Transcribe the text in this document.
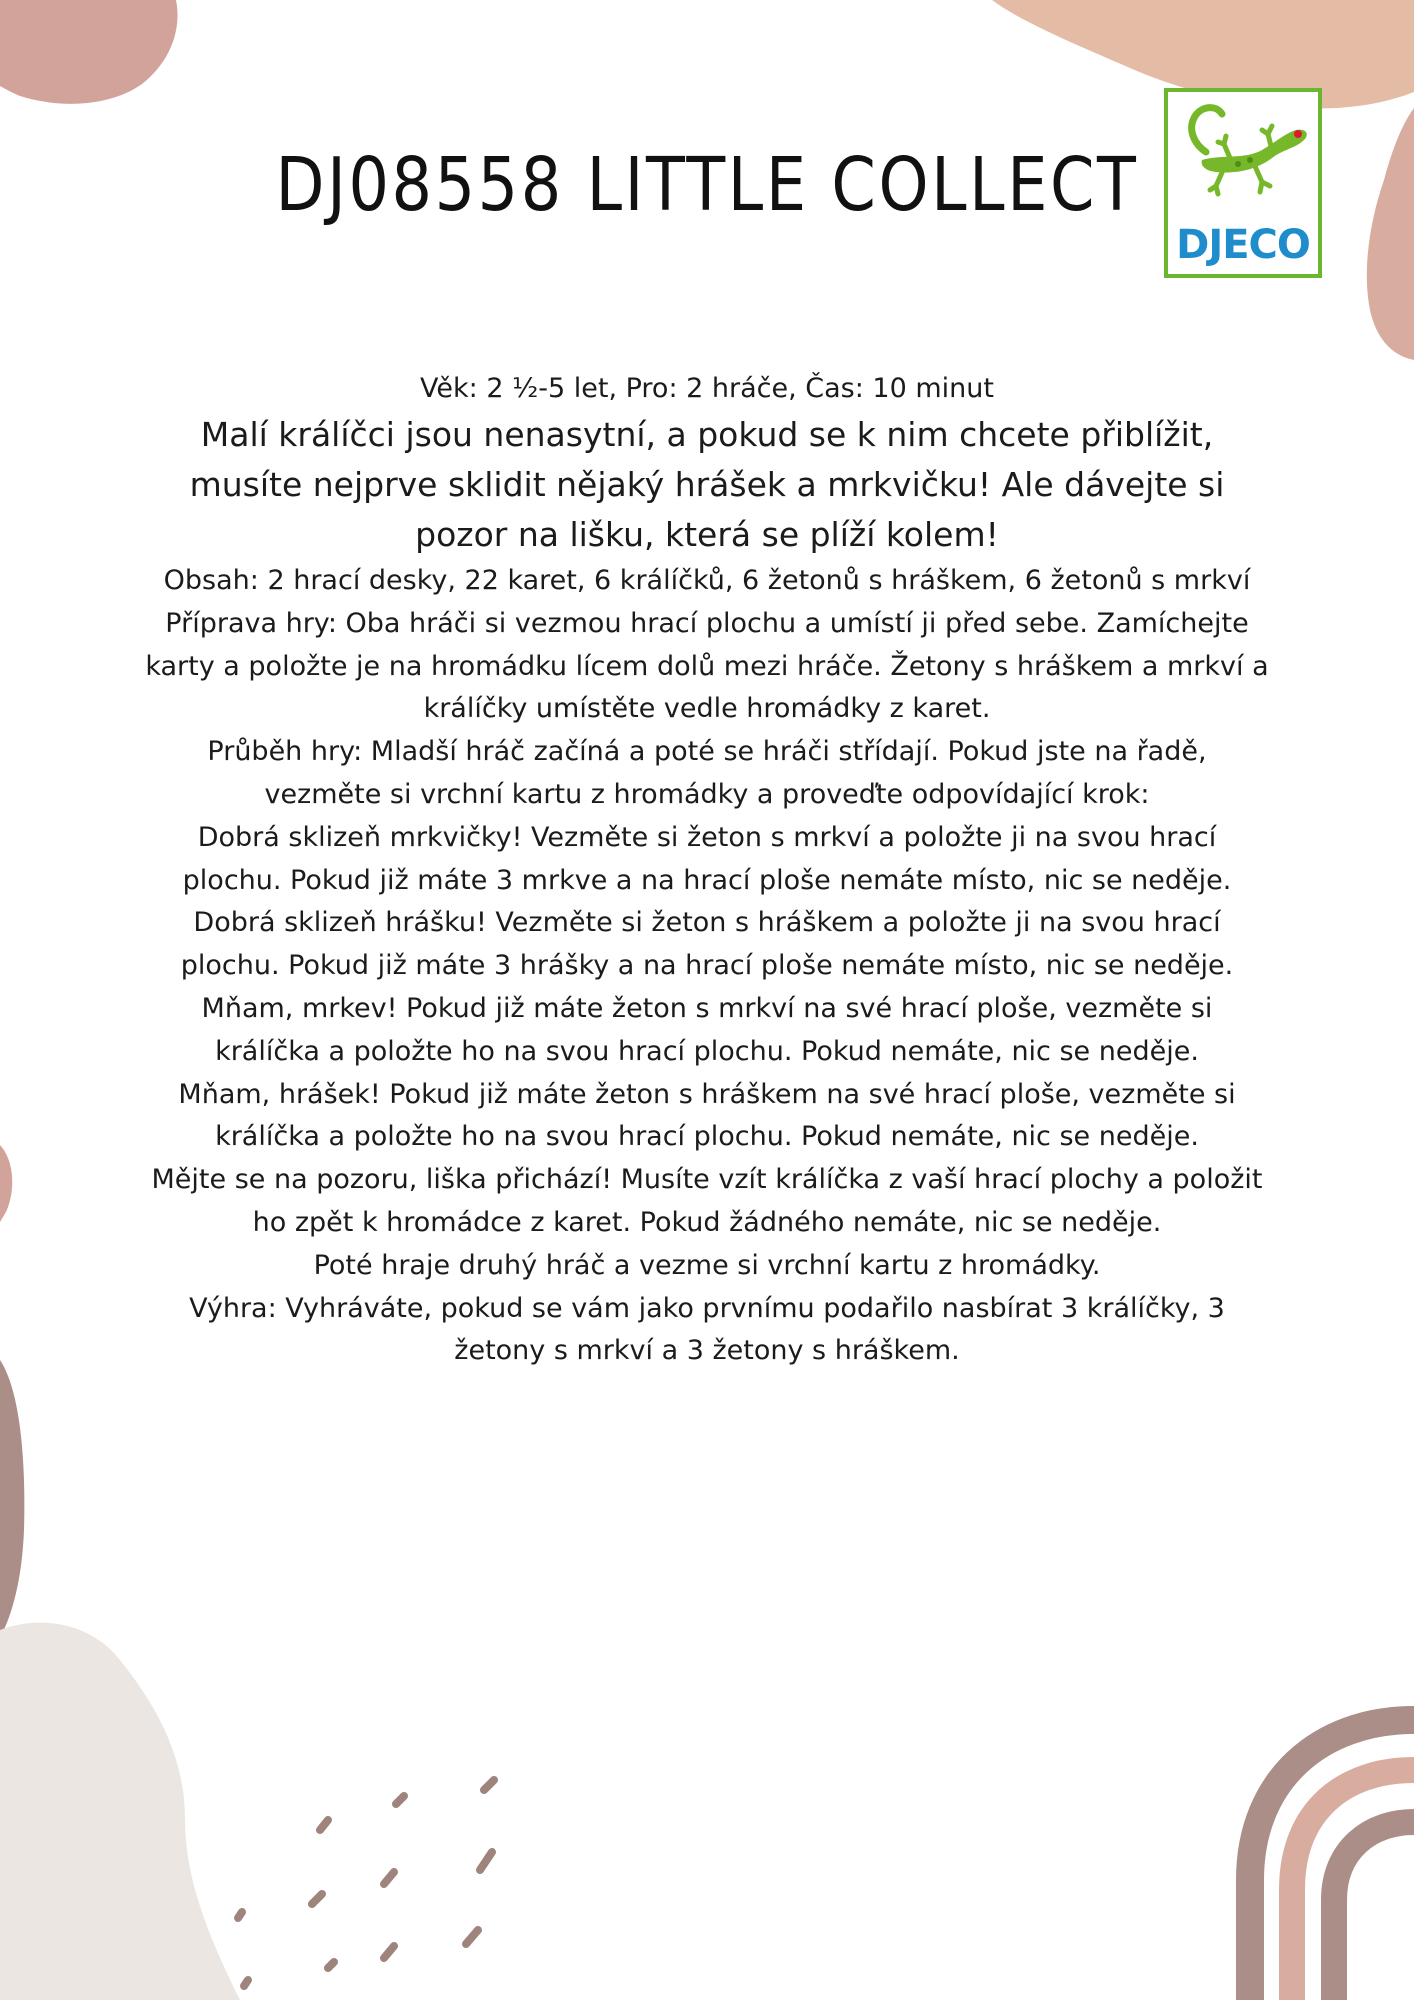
DJ08558 LITTLE COLLECT
DJECO

Věk: 2 ½-5 let, Pro: 2 hráče, Čas: 10 minut

Malí králíčci jsou nenasytní, a pokud se k nim chcete přiblížit, musíte nejprve sklidit nějaký hrášek a mrkvičku! Ale dávejte si pozor na lišku, která se plíží kolem!

Obsah: 2 hrací desky, 22 karet, 6 králíčků, 6 žetonů s hráškem, 6 žetonů s mrkví

Příprava hry: Oba hráči si vezmou hrací plochu a umístí ji před sebe. Zamíchejte karty a položte je na hromádku lícem dolů mezi hráče. Žetony s hráškem a mrkví a králíčky umístěte vedle hromádky z karet.

Průběh hry: Mladší hráč začíná a poté se hráči střídají. Pokud jste na řadě, vezměte si vrchní kartu z hromádky a proveďte odpovídající krok:

Dobrá sklizeň mrkvičky! Vezměte si žeton s mrkví a položte ji na svou hrací plochu. Pokud již máte 3 mrkve a na hrací ploše nemáte místo, nic se neděje.

Dobrá sklizeň hrášku! Vezměte si žeton s hráškem a položte ji na svou hrací plochu. Pokud již máte 3 hrášky a na hrací ploše nemáte místo, nic se neděje.

Mňam, mrkev! Pokud již máte žeton s mrkví na své hrací ploše, vezměte si králíčka a položte ho na svou hrací plochu. Pokud nemáte, nic se neděje.

Mňam, hrášek! Pokud již máte žeton s hráškem na své hrací ploše, vezměte si králíčka a položte ho na svou hrací plochu. Pokud nemáte, nic se neděje.

Mějte se na pozoru, liška přichází! Musíte vzít králíčka z vaší hrací plochy a položit ho zpět k hromádce z karet. Pokud žádného nemáte, nic se neděje.

Poté hraje druhý hráč a vezme si vrchní kartu z hromádky.

Výhra: Vyhráváte, pokud se vám jako prvnímu podařilo nasbírat 3 králíčky, 3 žetony s mrkví a 3 žetony s hráškem.
